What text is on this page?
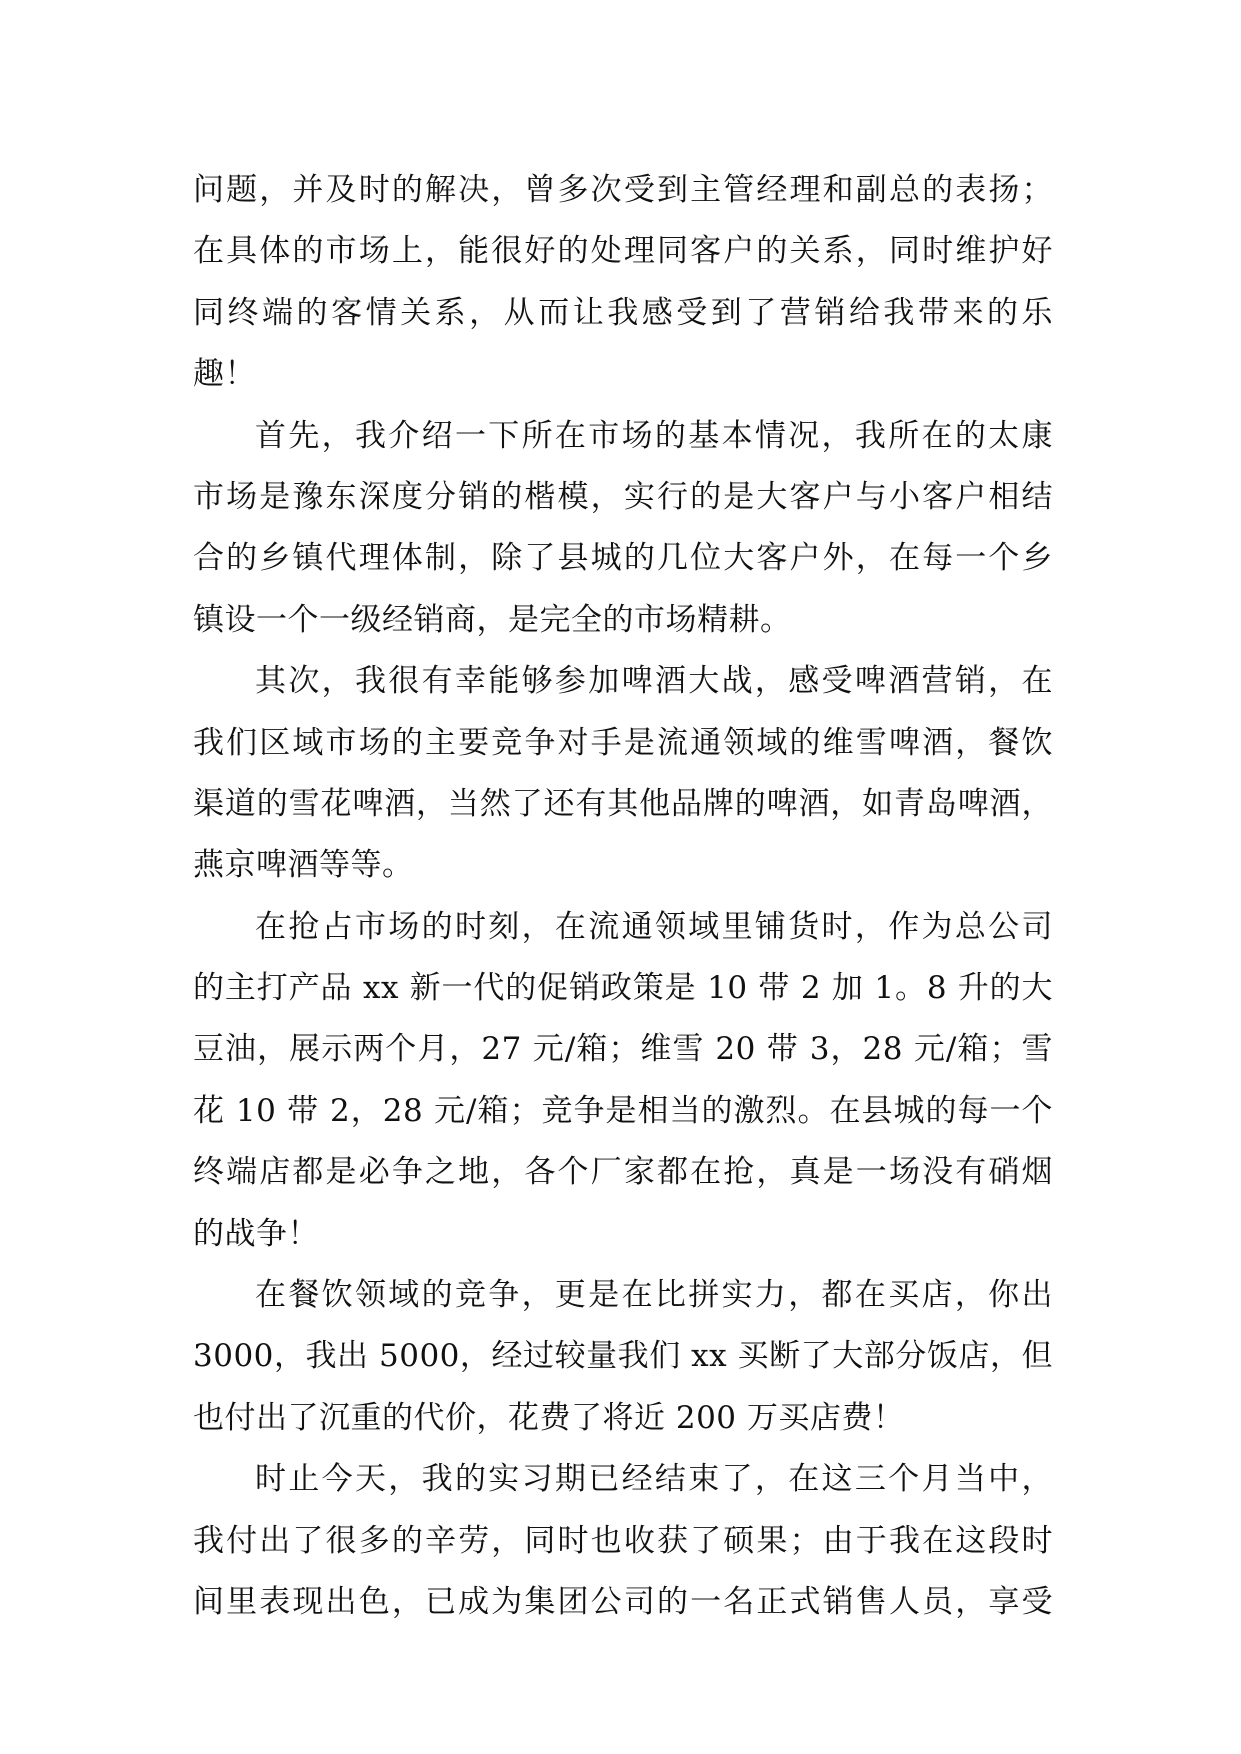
问题，并及时的解决，曾多次受到主管经理和副总的表扬；
在具体的市场上，能很好的处理同客户的关系，同时维护好
同终端的客情关系，从而让我感受到了营销给我带来的乐
趣！
首先，我介绍一下所在市场的基本情况，我所在的太康
市场是豫东深度分销的楷模，实行的是大客户与小客户相结
合的乡镇代理体制，除了县城的几位大客户外，在每一个乡
镇设一个一级经销商，是完全的市场精耕。
其次，我很有幸能够参加啤酒大战，感受啤酒营销，在
我们区域市场的主要竞争对手是流通领域的维雪啤酒，餐饮
渠道的雪花啤酒，当然了还有其他品牌的啤酒，如青岛啤酒，
燕京啤酒等等。
在抢占市场的时刻，在流通领域里铺货时，作为总公司
的主打产品 xx 新一代的促销政策是 10 带 2 加 1。8 升的大
豆油，展示两个月，27 元/箱；维雪 20 带 3，28 元/箱；雪
花 10 带 2，28 元/箱；竞争是相当的激烈。在县城的每一个
终端店都是必争之地，各个厂家都在抢，真是一场没有硝烟
的战争！
在餐饮领域的竞争，更是在比拼实力，都在买店，你出
3000，我出 5000，经过较量我们 xx 买断了大部分饭店，但
也付出了沉重的代价，花费了将近 200 万买店费！
时止今天，我的实习期已经结束了，在这三个月当中，
我付出了很多的辛劳，同时也收获了硕果；由于我在这段时
间里表现出色，已成为集团公司的一名正式销售人员，享受
